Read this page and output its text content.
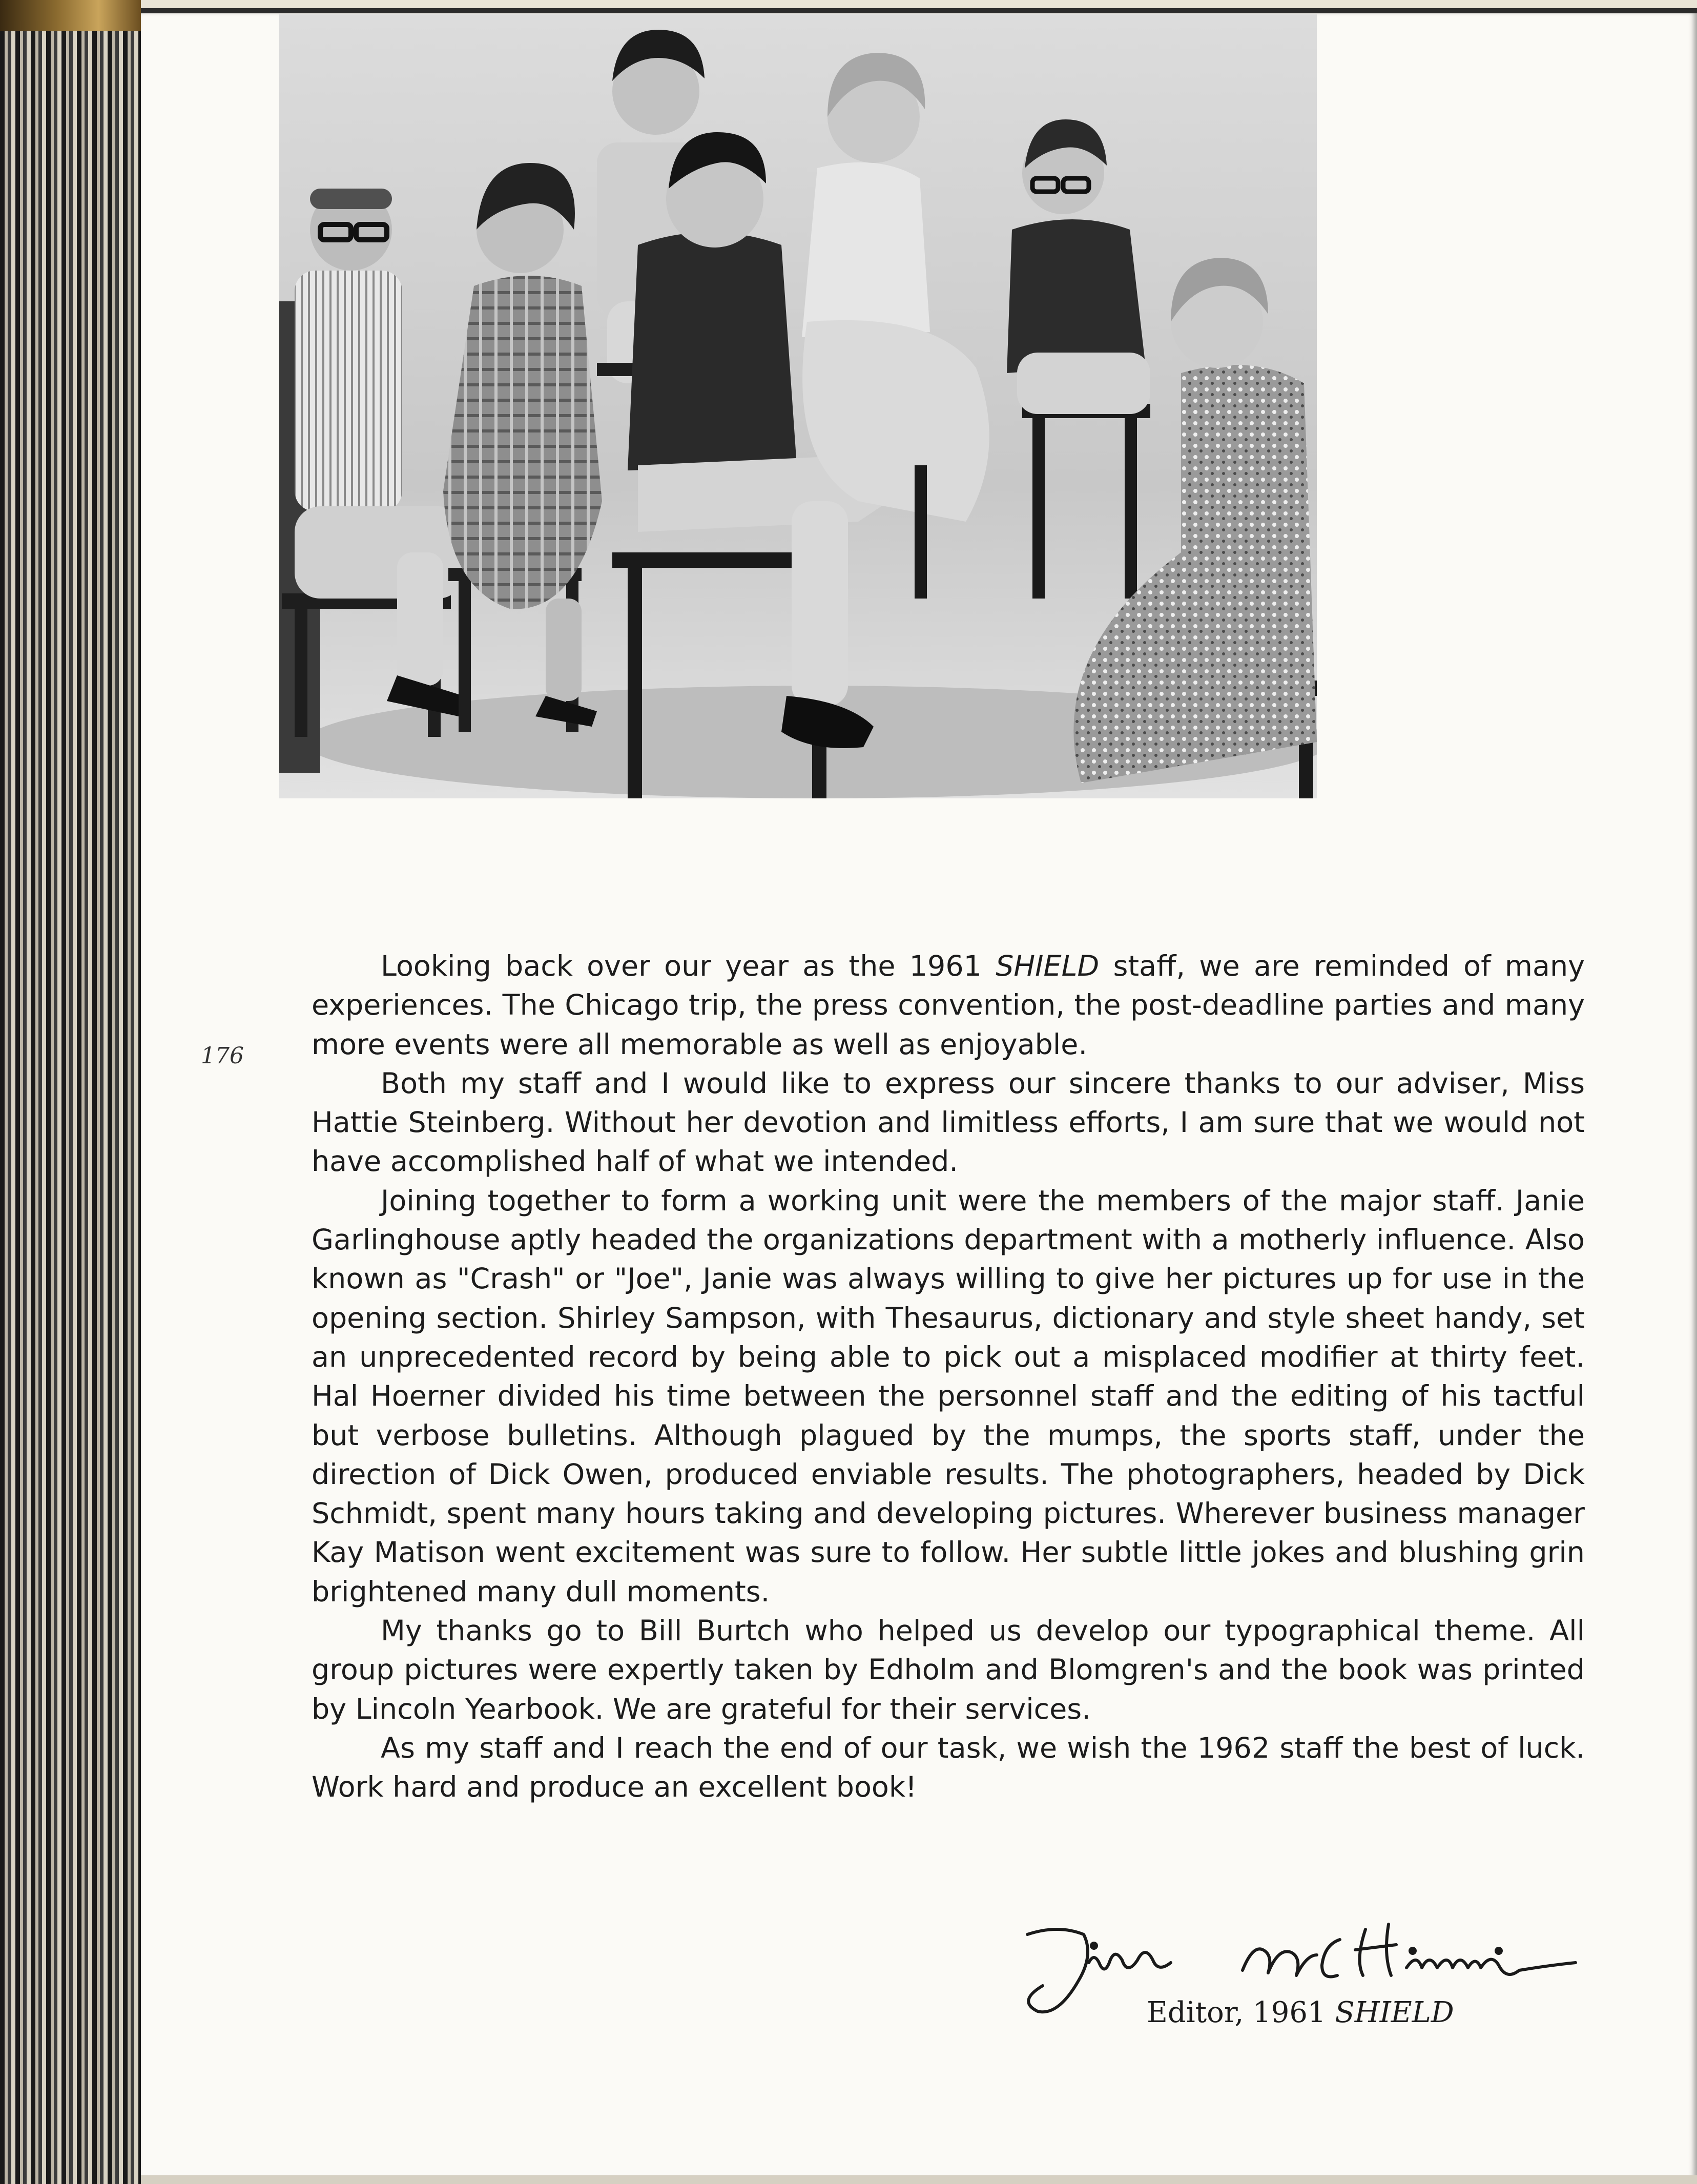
176

Looking back over our year as thе 1961 SHIELD staff, we are reminded of many experiences. The Chicago trip, the press convention, the post-deadline parties and many more events were all memorable as well as enjoyable.

Both my staff and I would like to express our sincere thanks to our adviser, Miss Hattie Steinberg. Without her devotion and limitless efforts, I am sure that we would not have accomplished half of what we intended.

Joining together to form a working unit were the members of the major staff. Janie Garlinghouse aptly headed the organizations department with a motherly influence. Also known as "Crash" or "Joe", Janie was always willing to give her pictures up for use in the opening section. Shirley Sampson, with Thesaurus, dictionary and style sheet handy, set an unprecedented record by being able to pick out a misplaced modifier at thirty feet. Hal Hoerner divided his time between the personnel staff and the editing of his tactful but verbose bulletins. Although plagued by the mumps, the sports staff, under the direction of Dick Owen, produced enviable results. The photographers, headed by Dick Schmidt, spent many hours taking and developing pictures. Wherever business manager Kay Matison went excitement was sure to follow. Her subtle little jokes and blushing grin brightened many dull moments.

My thanks go to Bill Burtch who helped us develop our typographical theme. All group pictures were expertly taken by Edholm and Blomgren's and the book was printed by Lincoln Yearbook. We are grateful for their services.

As my staff and I reach the end of our task, we wish the 1962 staff the best of luck. Work hard and produce an excellent book!

Editor, 1961 SHIELD
